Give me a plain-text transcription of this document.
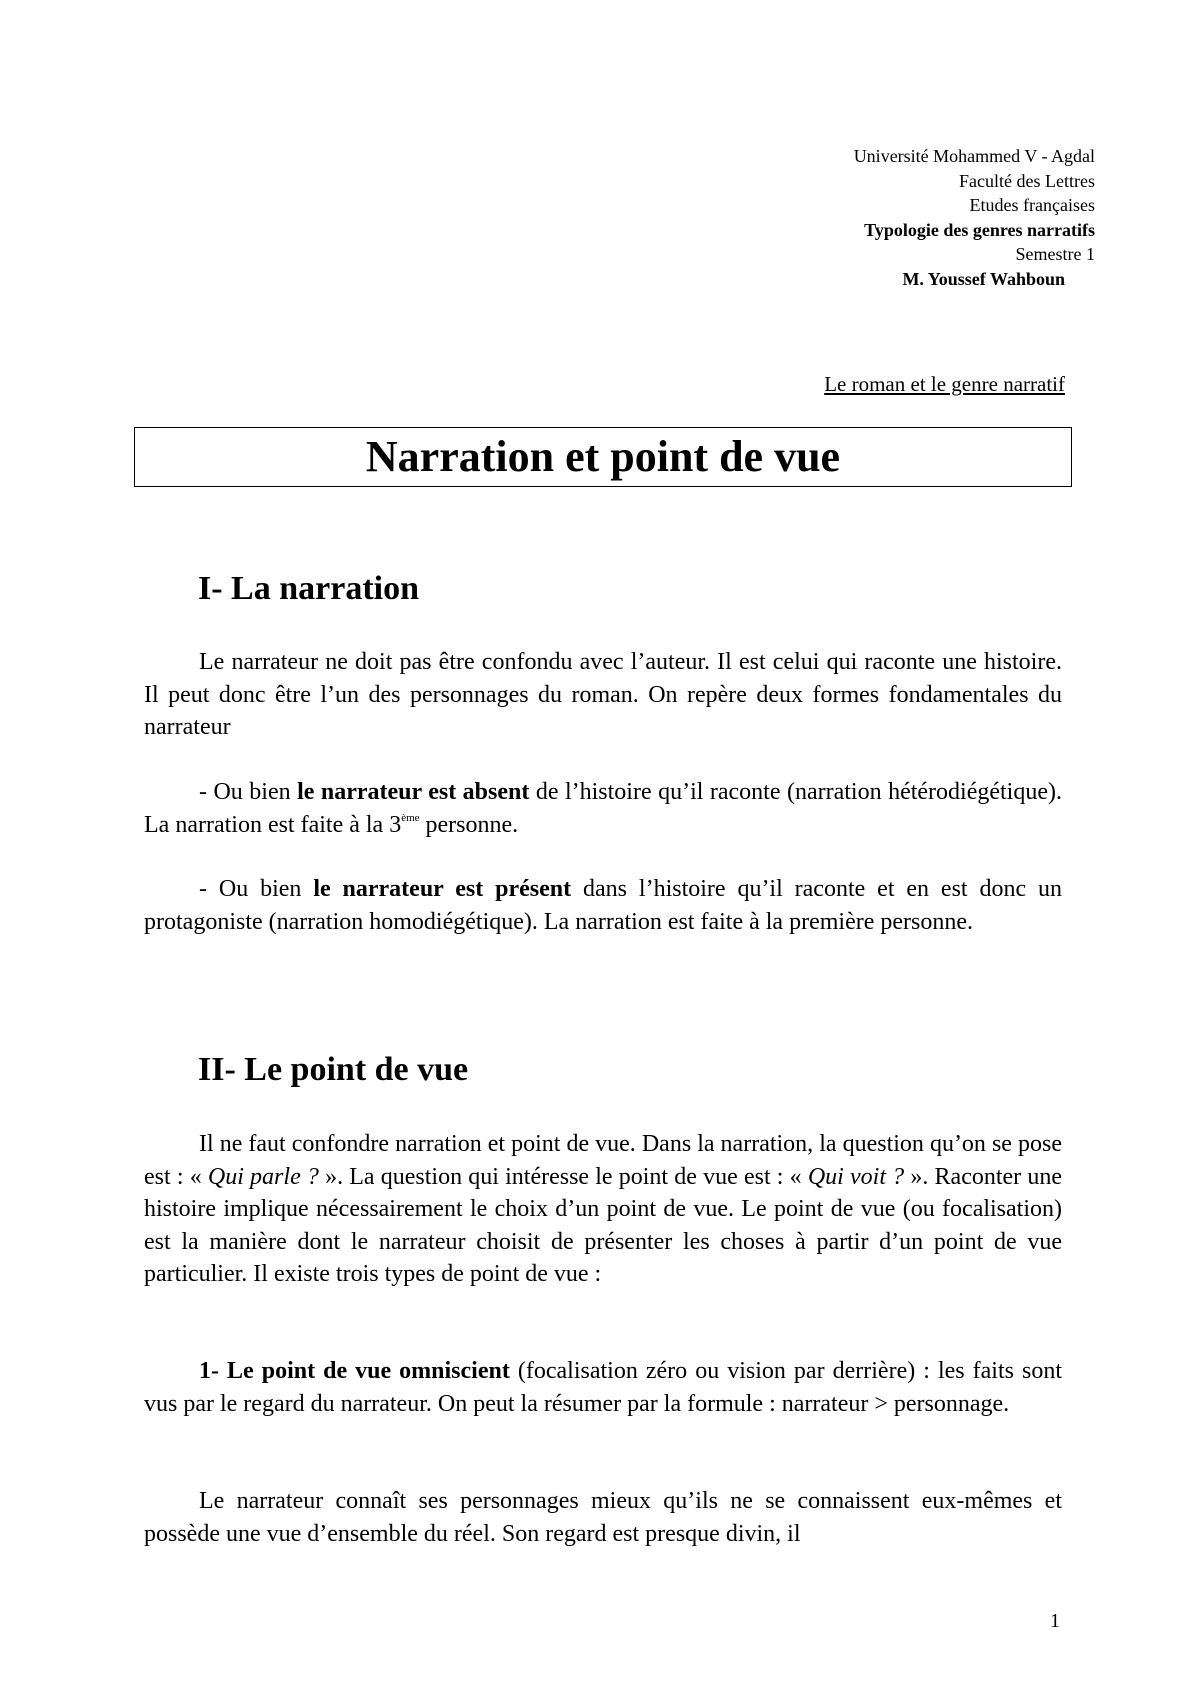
Université Mohammed V - Agdal
Faculté des Lettres
Etudes françaises
Typologie des genres narratifs
Semestre 1
M. Youssef Wahboun
Le roman et le genre narratif
Narration et point de vue
I- La narration

Le narrateur ne doit pas être confondu avec l’auteur. Il est celui qui raconte une histoire. Il peut donc être l’un des personnages du roman. On repère deux formes fondamentales du narrateur

- Ou bien le narrateur est absent de l’histoire qu’il raconte (narration hétérodiégétique). La narration est faite à la 3ème personne.

- Ou bien le narrateur est présent dans l’histoire qu’il raconte et en est donc un protagoniste (narration homodiégétique). La narration est faite à la première personne.

II- Le point de vue

Il ne faut confondre narration et point de vue. Dans la narration, la question qu’on se pose est : « Qui parle ? ». La question qui intéresse le point de vue est : « Qui voit ? ». Raconter une histoire implique nécessairement le choix d’un point de vue. Le point de vue (ou focalisation) est la manière dont le narrateur choisit de présenter les choses à partir d’un point de vue particulier. Il existe trois types de point de vue :

1- Le point de vue omniscient (focalisation zéro ou vision par derrière) : les faits sont vus par le regard du narrateur. On peut la résumer par la formule : narrateur > personnage.

Le narrateur connaît ses personnages mieux qu’ils ne se connaissent eux-mêmes et possède une vue d’ensemble du réel. Son regard est presque divin, il

1
